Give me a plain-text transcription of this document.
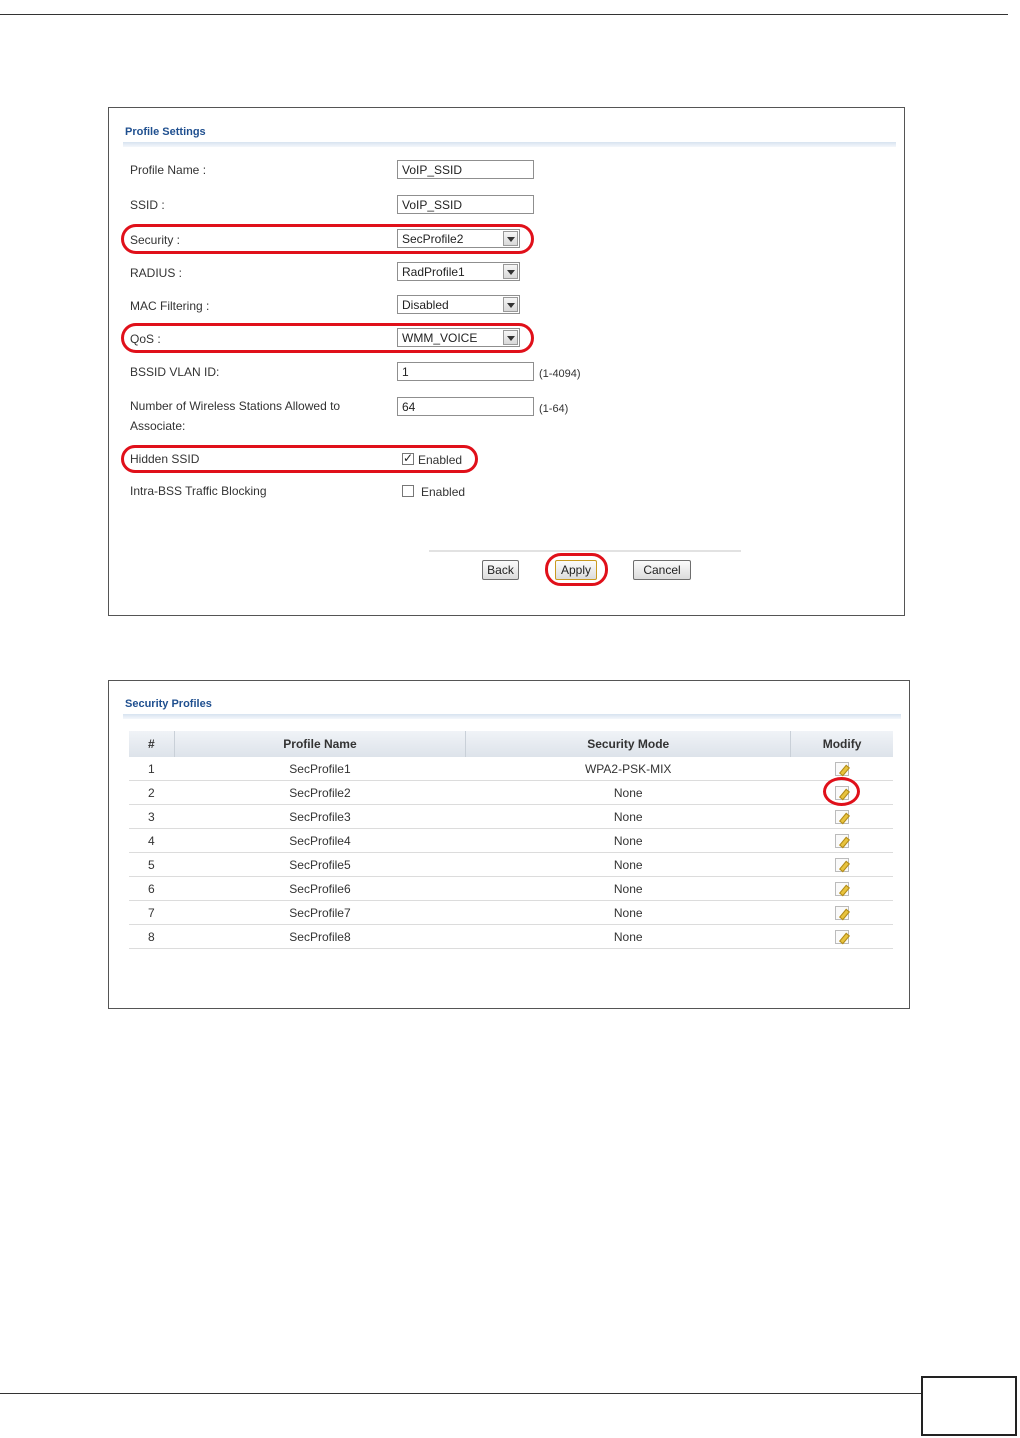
Profile Settings
Profile Name :	VoIP_SSID
SSID :	VoIP_SSID
Security :	SecProfile2
RADIUS :	RadProfile1
MAC Filtering :	Disabled
QoS :	WMM_VOICE
BSSID VLAN ID:	1	(1-4094)
Number of Wireless Stations Allowed to
Associate:
64	(1-64)
Hidden SSID ✓	Enabled
Intra-BSS Traffic Blocking	Enabled
Back	Apply	Cancel
Security Profiles
#	Profile Name	Security Mode	Modify
1	SecProfile1	WPA2-PSK-MIX	
2	SecProfile2	None	
3	SecProfile3	None	
4	SecProfile4	None	
5	SecProfile5	None	
6	SecProfile6	None	
7	SecProfile7	None	
8	SecProfile8	None	
